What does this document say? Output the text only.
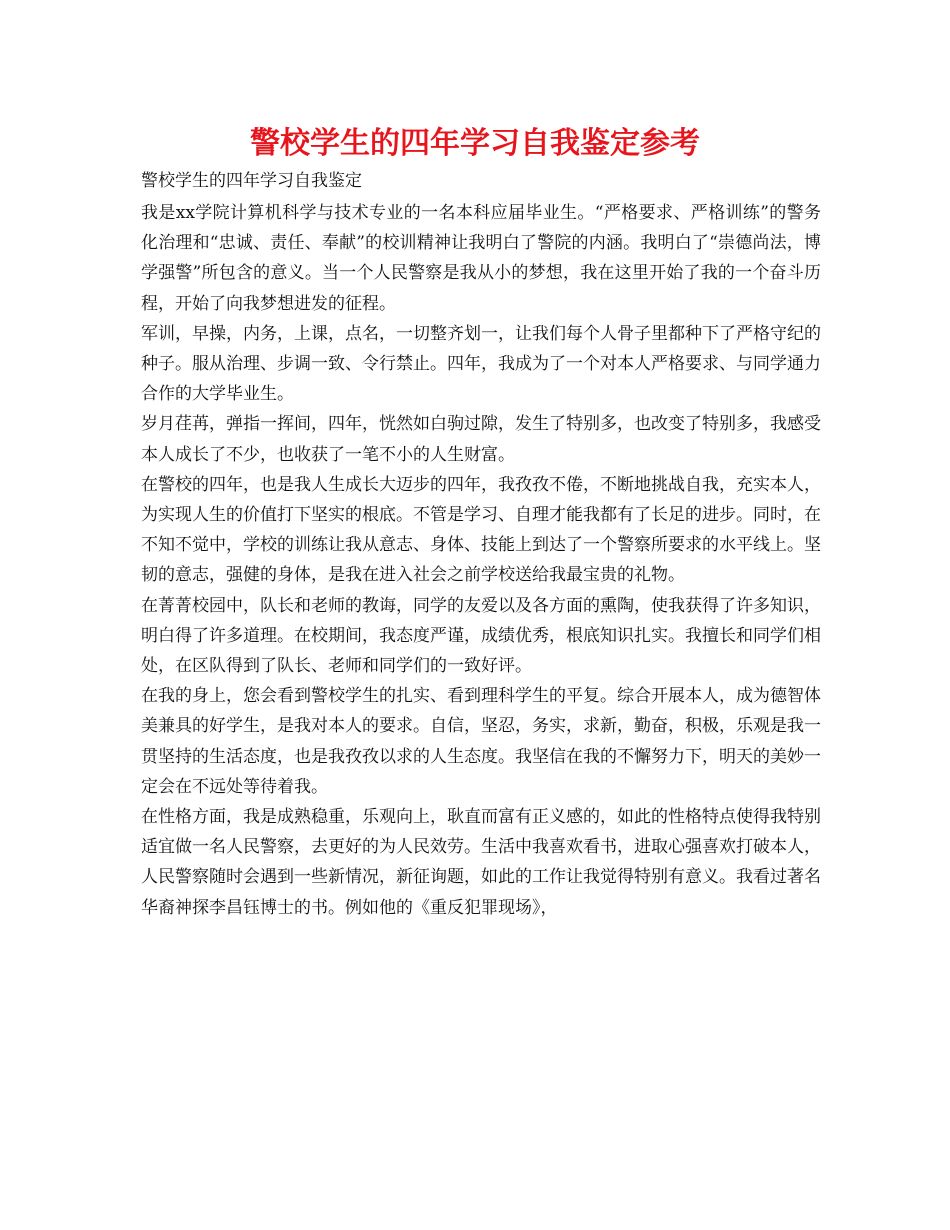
警校学生的四年学习自我鉴定参考

警校学生的四年学习自我鉴定

我是xx学院计算机科学与技术专业的一名本科应届毕业生。“严格要求、严格训练”的警务化治理和“忠诚、责任、奉献”的校训精神让我明白了警院的内涵。我明白了“崇德尚法，博学强警”所包含的意义。当一个人民警察是我从小的梦想，我在这里开始了我的一个奋斗历程，开始了向我梦想进发的征程。

军训，早操，内务，上课，点名，一切整齐划一，让我们每个人骨子里都种下了严格守纪的种子。服从治理、步调一致、令行禁止。四年，我成为了一个对本人严格要求、与同学通力合作的大学毕业生。

岁月荏苒，弹指一挥间，四年，恍然如白驹过隙，发生了特别多，也改变了特别多，我感受本人成长了不少，也收获了一笔不小的人生财富。

在警校的四年，也是我人生成长大迈步的四年，我孜孜不倦，不断地挑战自我，充实本人，为实现人生的价值打下坚实的根底。不管是学习、自理才能我都有了长足的进步。同时，在不知不觉中，学校的训练让我从意志、身体、技能上到达了一个警察所要求的水平线上。坚韧的意志，强健的身体，是我在进入社会之前学校送给我最宝贵的礼物。

在菁菁校园中，队长和老师的教诲，同学的友爱以及各方面的熏陶，使我获得了许多知识，明白得了许多道理。在校期间，我态度严谨，成绩优秀，根底知识扎实。我擅长和同学们相处，在区队得到了队长、老师和同学们的一致好评。

在我的身上，您会看到警校学生的扎实、看到理科学生的平复。综合开展本人，成为德智体美兼具的好学生，是我对本人的要求。自信，坚忍，务实，求新，勤奋，积极，乐观是我一贯坚持的生活态度，也是我孜孜以求的人生态度。我坚信在我的不懈努力下，明天的美妙一定会在不远处等待着我。

在性格方面，我是成熟稳重，乐观向上，耿直而富有正义感的，如此的性格特点使得我特别适宜做一名人民警察，去更好的为人民效劳。生活中我喜欢看书，进取心强喜欢打破本人，人民警察随时会遇到一些新情况，新征询题，如此的工作让我觉得特别有意义。我看过著名华裔神探李昌钰博士的书。例如他的《重反犯罪现场》，
